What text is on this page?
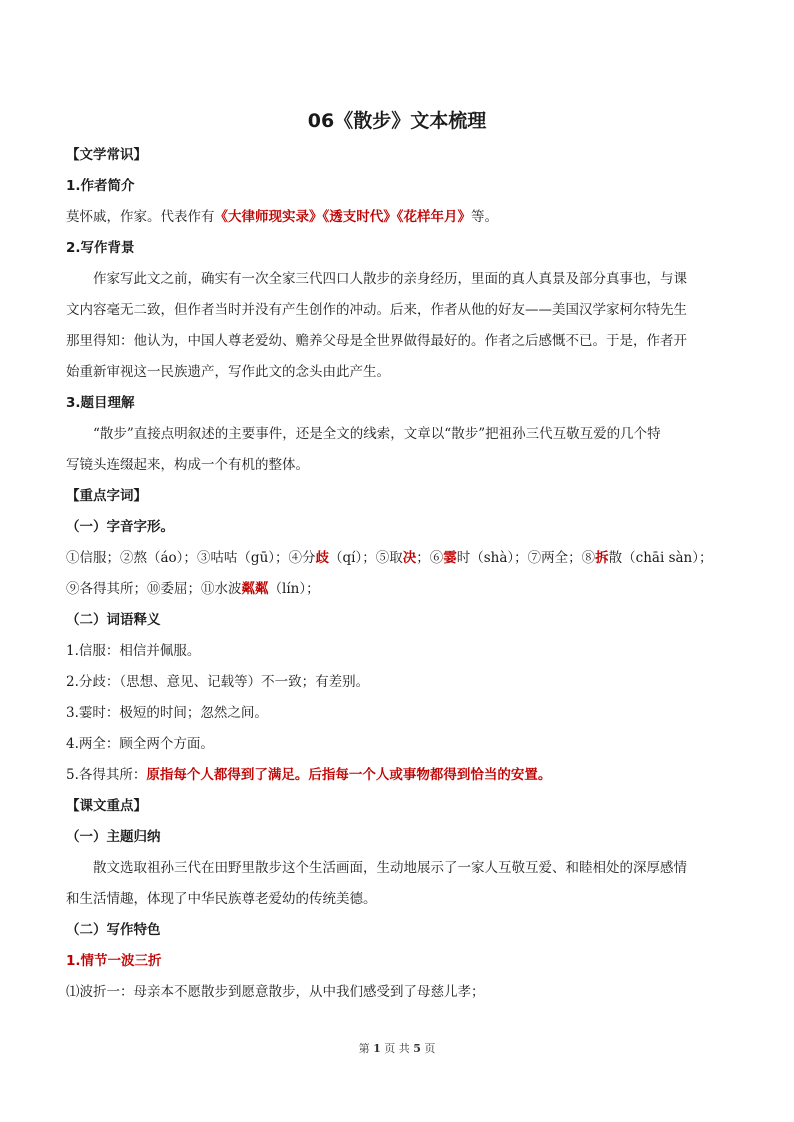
06《散步》文本梳理
【文学常识】
1.作者简介
莫怀戚，作家。代表作有《大律师现实录》《透支时代》《花样年月》等。
2.写作背景
作家写此文之前，确实有一次全家三代四口人散步的亲身经历，里面的真人真景及部分真事也，与课
文内容毫无二致，但作者当时并没有产生创作的冲动。后来，作者从他的好友——美国汉学家柯尔特先生
那里得知：他认为，中国人尊老爱幼、赡养父母是全世界做得最好的。作者之后感慨不已。于是，作者开
始重新审视这一民族遗产，写作此文的念头由此产生。
3.题目理解
“散步”直接点明叙述的主要事件，还是全文的线索，文章以“散步”把祖孙三代互敬互爱的几个特
写镜头连缀起来，构成一个有机的整体。
【重点字词】
（一）字音字形。
①信服；②熬（áo）；③咕咕（gū）；④分歧（qí）；⑤取决；⑥霎时（shà）；⑦两全；⑧拆散（chāi sàn）；
⑨各得其所；⑩委屈；⑪水波粼粼（lín）；
（二）词语释义
1.信服：相信并佩服。
2.分歧：（思想、意见、记载等）不一致；有差别。
3.霎时：极短的时间；忽然之间。
4.两全：顾全两个方面。
5.各得其所：原指每个人都得到了满足。后指每一个人或事物都得到恰当的安置。
【课文重点】
（一）主题归纳
散文选取祖孙三代在田野里散步这个生活画面，生动地展示了一家人互敬互爱、和睦相处的深厚感情
和生活情趣，体现了中华民族尊老爱幼的传统美德。
（二）写作特色
1.情节一波三折
⑴波折一：母亲本不愿散步到愿意散步，从中我们感受到了母慈儿孝；
第 1 页 共 5 页
